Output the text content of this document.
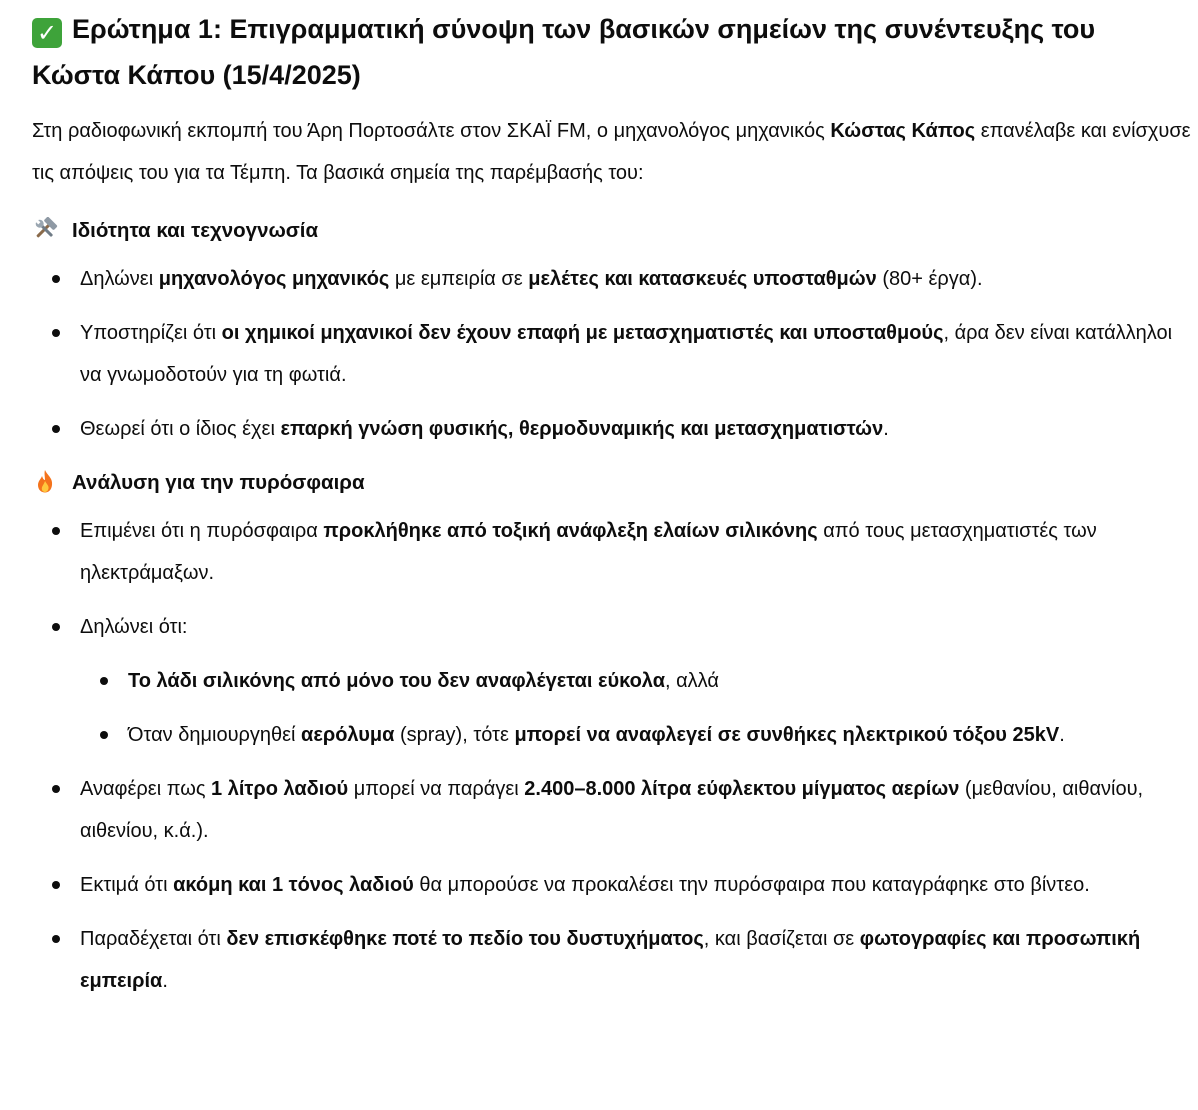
✓ Ερώτημα 1: Επιγραμματική σύνοψη των βασικών σημείων της συνέντευξης του Κώστα Κάπου (15/4/2025)

Στη ραδιοφωνική εκπομπή του Άρη Πορτοσάλτε στον ΣΚΑΪ FM, ο μηχανολόγος μηχανικός Κώστας Κάπος επανέλαβε και ενίσχυσε τις απόψεις του για τα Τέμπη. Τα βασικά σημεία της παρέμβασής του:

Ιδιότητα και τεχνογνωσία
Δηλώνει μηχανολόγος μηχανικός με εμπειρία σε μελέτες και κατασκευές υποσταθμών (80+ έργα).
Υποστηρίζει ότι οι χημικοί μηχανικοί δεν έχουν επαφή με μετασχηματιστές και υποσταθμούς, άρα δεν είναι κατάλληλοι να γνωμοδοτούν για τη φωτιά.
Θεωρεί ότι ο ίδιος έχει επαρκή γνώση φυσικής, θερμοδυναμικής και μετασχηματιστών.
Ανάλυση για την πυρόσφαιρα
Επιμένει ότι η πυρόσφαιρα προκλήθηκε από τοξική ανάφλεξη ελαίων σιλικόνης από τους μετασχηματιστές των ηλεκτράμαξων.
Δηλώνει ότι:
Το λάδι σιλικόνης από μόνο του δεν αναφλέγεται εύκολα, αλλά
Όταν δημιουργηθεί αερόλυμα (spray), τότε μπορεί να αναφλεγεί σε συνθήκες ηλεκτρικού τόξου 25kV.
Αναφέρει πως 1 λίτρο λαδιού μπορεί να παράγει 2.400–8.000 λίτρα εύφλεκτου μίγματος αερίων (μεθανίου, αιθανίου, αιθενίου, κ.ά.).
Εκτιμά ότι ακόμη και 1 τόνος λαδιού θα μπορούσε να προκαλέσει την πυρόσφαιρα που καταγράφηκε στο βίντεο.
Παραδέχεται ότι δεν επισκέφθηκε ποτέ το πεδίο του δυστυχήματος, και βασίζεται σε φωτογραφίες και προσωπική εμπειρία.
